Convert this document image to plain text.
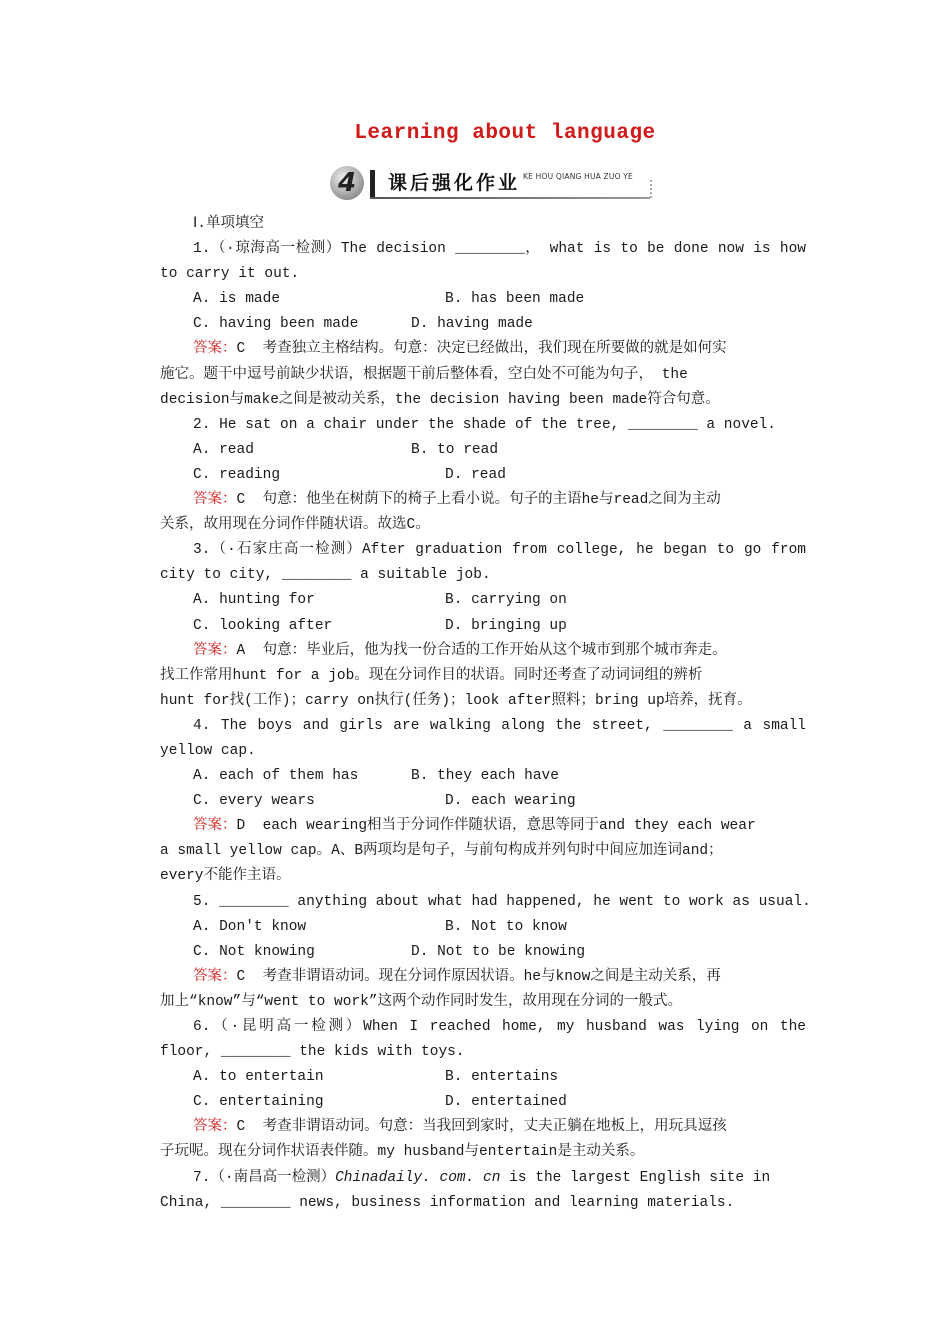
Learning about language
4	课后强化作业 KE HOU QIANG HUA ZUO YE
Ⅰ.单项填空
1.（·琼海高一检测）The decision ________， what is to be done now is how
to carry it out.
A. is made	B. has been made
C. having been made	D. having made
答案：C  考查独立主格结构。句意：决定已经做出，我们现在所要做的就是如何实
施它。题干中逗号前缺少状语，根据题干前后整体看，空白处不可能为句子， the
decision与make之间是被动关系，the decision having been made符合句意。
2. He sat on a chair under the shade of the tree, ________ a novel.
A. read	B. to read
C. reading	D. read
答案：C  句意：他坐在树荫下的椅子上看小说。句子的主语he与read之间为主动
关系，故用现在分词作伴随状语。故选C。
3.（·石家庄高一检测）After graduation from college, he began to go from
city to city, ________ a suitable job.
A. hunting for	B. carrying on
C. looking after	D. bringing up
答案：A  句意：毕业后，他为找一份合适的工作开始从这个城市到那个城市奔走。
找工作常用hunt for a job。现在分词作目的状语。同时还考查了动词词组的辨析
hunt for找(工作)；carry on执行(任务)；look after照料；bring up培养，抚育。
4. The boys and girls are walking along the street, ________ a small
yellow cap.
A. each of them has	B. they each have
C. every wears	D. each wearing
答案：D  each wearing相当于分词作伴随状语，意思等同于and they each wear
a small yellow cap。A、B两项均是句子，与前句构成并列句时中间应加连词and；
every不能作主语。
5. ________ anything about what had happened, he went to work as usual.
A. Don't know	B. Not to know
C. Not knowing	D. Not to be knowing
答案：C  考查非谓语动词。现在分词作原因状语。he与know之间是主动关系，再
加上“know”与“went to work”这两个动作同时发生，故用现在分词的一般式。
6.（·昆明高一检测）When I reached home, my husband was lying on the
floor, ________ the kids with toys.
A. to entertain	B. entertains
C. entertaining	D. entertained
答案：C  考查非谓语动词。句意：当我回到家时，丈夫正躺在地板上，用玩具逗孩
子玩呢。现在分词作状语表伴随。my husband与entertain是主动关系。
7.（·南昌高一检测）Chinadaily. com. cn is the largest English site in
China, ________ news, business information and learning materials.
